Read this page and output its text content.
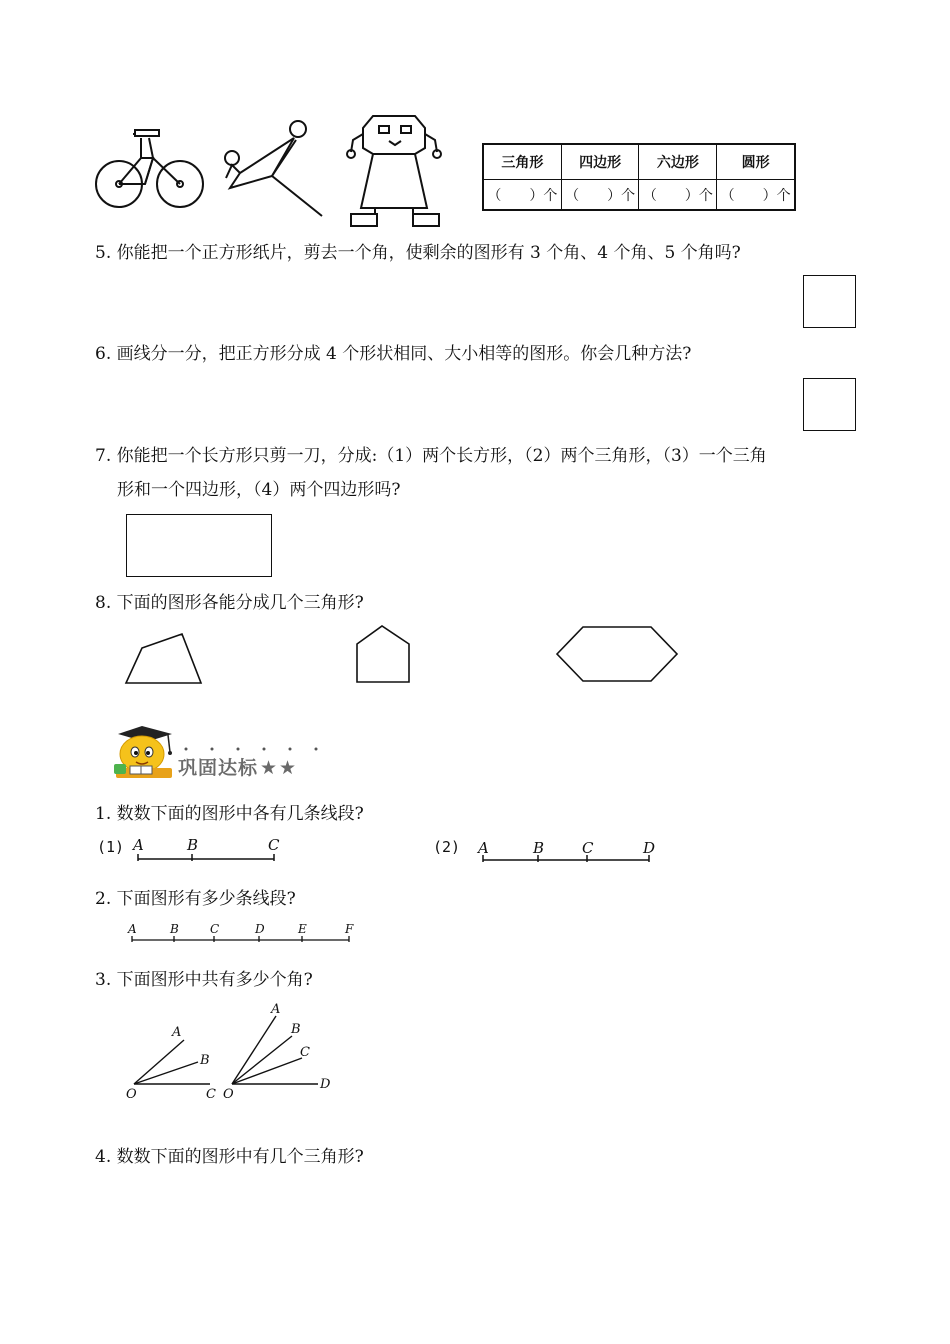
三角形	四边形	六边形	圆形
（　　）个	（　　）个	（　　）个	（　　）个
5. 你能把一个正方形纸片，剪去一个角，使剩余的图形有 3 个角、4 个角、5 个角吗?
6. 画线分一分，把正方形分成 4 个形状相同、大小相等的图形。你会几种方法?
7. 你能把一个长方形只剪一刀，分成:（1）两个长方形，（2）两个三角形，（3）一个三角
形和一个四边形，（4）两个四边形吗?
8. 下面的图形各能分成几个三角形?
巩固达标 ★★
1. 数数下面的图形中各有几条线段?
(1) A	B	C	(2) A	B	C	D
2. 下面图形有多少条线段?
A	B	C	D	E	F
3. 下面图形中共有多少个角?
A
B
O	C
A
B
C
O
D
4. 数数下面的图形中有几个三角形?
